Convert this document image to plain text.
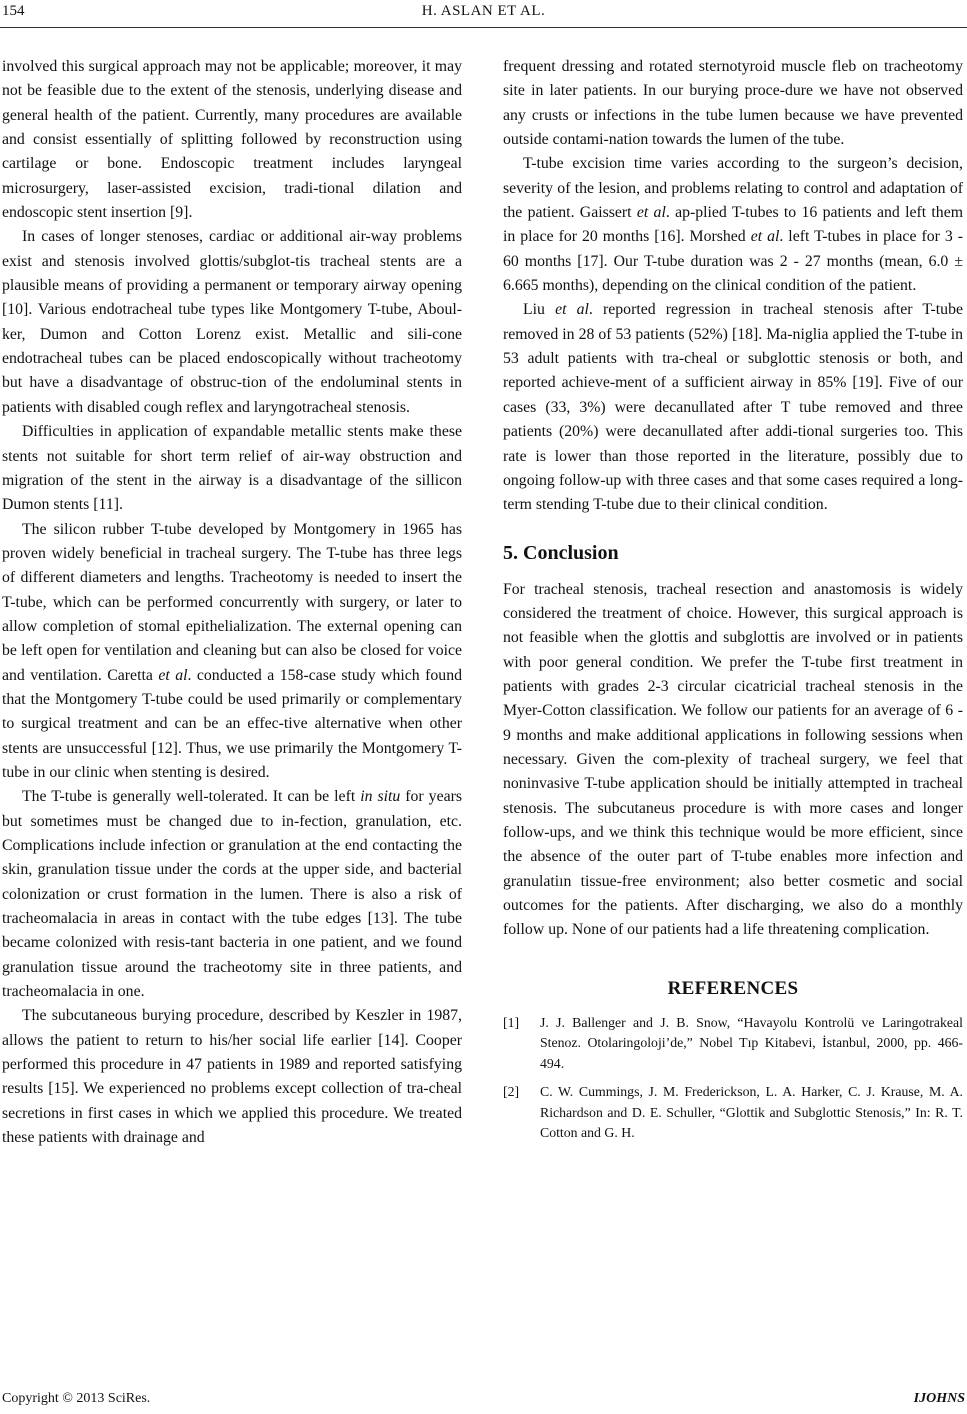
154	H. ASLAN ET AL.

involved this surgical approach may not be applicable; moreover, it may not be feasible due to the extent of the stenosis, underlying disease and general health of the patient. Currently, many procedures are available and consist essentially of splitting followed by reconstruction using cartilage or bone. Endoscopic treatment includes laryngeal microsurgery, laser-assisted excision, tradi-tional dilation and endoscopic stent insertion [9].

In cases of longer stenoses, cardiac or additional air-way problems exist and stenosis involved glottis/subglot-tis tracheal stents are a plausible means of providing a permanent or temporary airway opening [10]. Various endotracheal tube types like Montgomery T-tube, Aboul-ker, Dumon and Cotton Lorenz exist. Metallic and sili-cone endotracheal tubes can be placed endoscopically without tracheotomy but have a disadvantage of obstruc-tion of the endoluminal stents in patients with disabled cough reflex and laryngotracheal stenosis.

Difficulties in application of expandable metallic stents make these stents not suitable for short term relief of air-way obstruction and migration of the stent in the airway is a disadvantage of the sillicon Dumon stents [11].

The silicon rubber T-tube developed by Montgomery in 1965 has proven widely beneficial in tracheal surgery. The T-tube has three legs of different diameters and lengths. Tracheotomy is needed to insert the T-tube, which can be performed concurrently with surgery, or later to allow completion of stomal epithelialization. The external opening can be left open for ventilation and cleaning but can also be closed for voice and ventilation. Caretta et al. conducted a 158-case study which found that the Montgomery T-tube could be used primarily or complementary to surgical treatment and can be an effec-tive alternative when other stents are unsuccessful [12]. Thus, we use primarily the Montgomery T-tube in our clinic when stenting is desired.

The T-tube is generally well-tolerated. It can be left in situ for years but sometimes must be changed due to in-fection, granulation, etc. Complications include infection or granulation at the end contacting the skin, granulation tissue under the cords at the upper side, and bacterial colonization or crust formation in the lumen. There is also a risk of tracheomalacia in areas in contact with the tube edges [13]. The tube became colonized with resis-tant bacteria in one patient, and we found granulation tissue around the tracheotomy site in three patients, and tracheomalacia in one.

The subcutaneous burying procedure, described by Keszler in 1987, allows the patient to return to his/her social life earlier [14]. Cooper performed this procedure in 47 patients in 1989 and reported satisfying results [15]. We experienced no problems except collection of tra-cheal secretions in first cases in which we applied this procedure. We treated these patients with drainage and

frequent dressing and rotated sternotyroid muscle fleb on tracheotomy site in later patients. In our burying proce-dure we have not observed any crusts or infections in the tube lumen because we have prevented outside contami-nation towards the lumen of the tube.

T-tube excision time varies according to the surgeon’s decision, severity of the lesion, and problems relating to control and adaptation of the patient. Gaissert et al. ap-plied T-tubes to 16 patients and left them in place for 20 months [16]. Morshed et al. left T-tubes in place for 3 - 60 months [17]. Our T-tube duration was 2 - 27 months (mean, 6.0 ± 6.665 months), depending on the clinical condition of the patient.

Liu et al. reported regression in tracheal stenosis after T-tube removed in 28 of 53 patients (52%) [18]. Ma-niglia applied the T-tube in 53 adult patients with tra-cheal or subglottic stenosis or both, and reported achieve-ment of a sufficient airway in 85% [19]. Five of our cases (33, 3%) were decanullated after T tube removed and three patients (20%) were decanullated after addi-tional surgeries too. This rate is lower than those reported in the literature, possibly due to ongoing follow-up with three cases and that some cases required a long-term stending T-tube due to their clinical condition.

5. Conclusion

For tracheal stenosis, tracheal resection and anastomosis is widely considered the treatment of choice. However, this surgical approach is not feasible when the glottis and subglottis are involved or in patients with poor general condition. We prefer the T-tube first treatment in patients with grades 2-3 circular cicatricial tracheal stenosis in the Myer-Cotton classification. We follow our patients for an average of 6 - 9 months and make additional applications in following sessions when necessary. Given the com-plexity of tracheal surgery, we feel that noninvasive T-tube application should be initially attempted in tracheal stenosis. The subcutaneus procedure is with more cases and longer follow-ups, and we think this technique would be more efficient, since the absence of the outer part of T-tube enables more infection and granulatiın tissue-free environment; also better cosmetic and social outcomes for the patients. After discharging, we also do a monthly follow up. None of our patients had a life threatening complication.

REFERENCES
[1] J. J. Ballenger and J. B. Snow, “Havayolu Kontrolü ve Laringotrakeal Stenoz. Otolaringoloji’de,” Nobel Tıp Kitabevi, İstanbul, 2000, pp. 466-494.
[2] C. W. Cummings, J. M. Frederickson, L. A. Harker, C. J. Krause, M. A. Richardson and D. E. Schuller, “Glottik and Subglottic Stenosis,” In: R. T. Cotton and G. H.
Copyright © 2013 SciRes.	IJOHNS
